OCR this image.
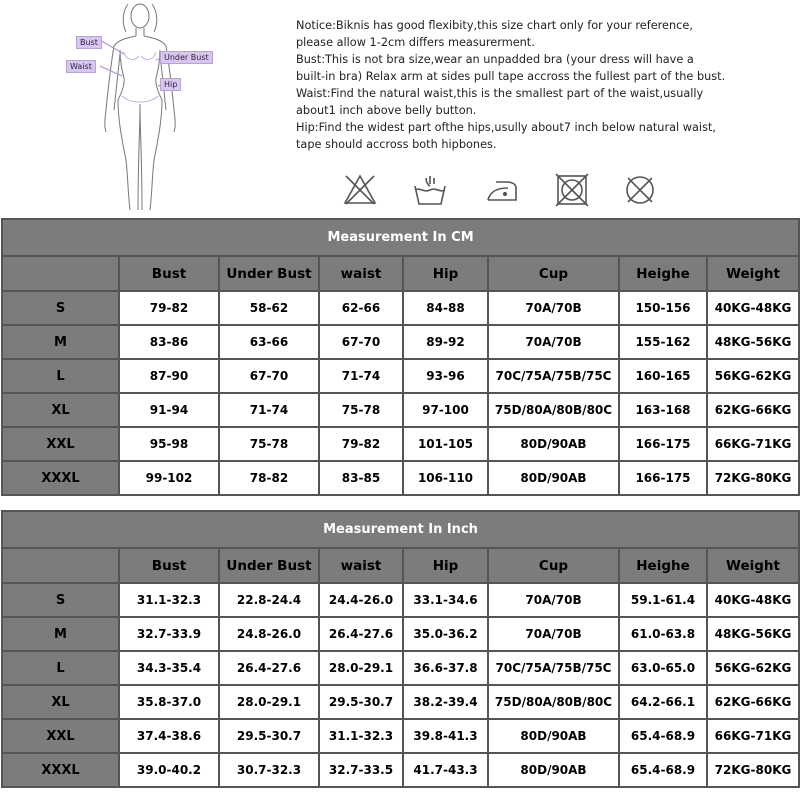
Bust
Under Bust
Waist
Hip

Notice:Biknis has good flexibity,this size chart only for your reference,

please allow 1-2cm differs measurerment.

Bust:This is not bra size,wear an unpadded bra (your dress will have a

built-in bra) Relax arm at sides pull tape accross the fullest part of the bust.

Waist:Find the natural waist,this is the smallest part of the waist,usually

about1 inch above belly button.

Hip:Find the widest part ofthe hips,usully about7 inch below natural waist,

tape should accross both hipbones.

Measurement In CM							
	Bust	Under Bust	waist	Hip	Cup	Heighe	Weight
S	79-82	58-62	62-66	84-88	70A/70B	150-156	40KG-48KG
M	83-86	63-66	67-70	89-92	70A/70B	155-162	48KG-56KG
L	87-90	67-70	71-74	93-96	70C/75A/75B/75C	160-165	56KG-62KG
XL	91-94	71-74	75-78	97-100	75D/80A/80B/80C	163-168	62KG-66KG
XXL	95-98	75-78	79-82	101-105	80D/90AB	166-175	66KG-71KG
XXXL	99-102	78-82	83-85	106-110	80D/90AB	166-175	72KG-80KG
Measurement In Inch							
	Bust	Under Bust	waist	Hip	Cup	Heighe	Weight
S	31.1-32.3	22.8-24.4	24.4-26.0	33.1-34.6	70A/70B	59.1-61.4	40KG-48KG
M	32.7-33.9	24.8-26.0	26.4-27.6	35.0-36.2	70A/70B	61.0-63.8	48KG-56KG
L	34.3-35.4	26.4-27.6	28.0-29.1	36.6-37.8	70C/75A/75B/75C	63.0-65.0	56KG-62KG
XL	35.8-37.0	28.0-29.1	29.5-30.7	38.2-39.4	75D/80A/80B/80C	64.2-66.1	62KG-66KG
XXL	37.4-38.6	29.5-30.7	31.1-32.3	39.8-41.3	80D/90AB	65.4-68.9	66KG-71KG
XXXL	39.0-40.2	30.7-32.3	32.7-33.5	41.7-43.3	80D/90AB	65.4-68.9	72KG-80KG
